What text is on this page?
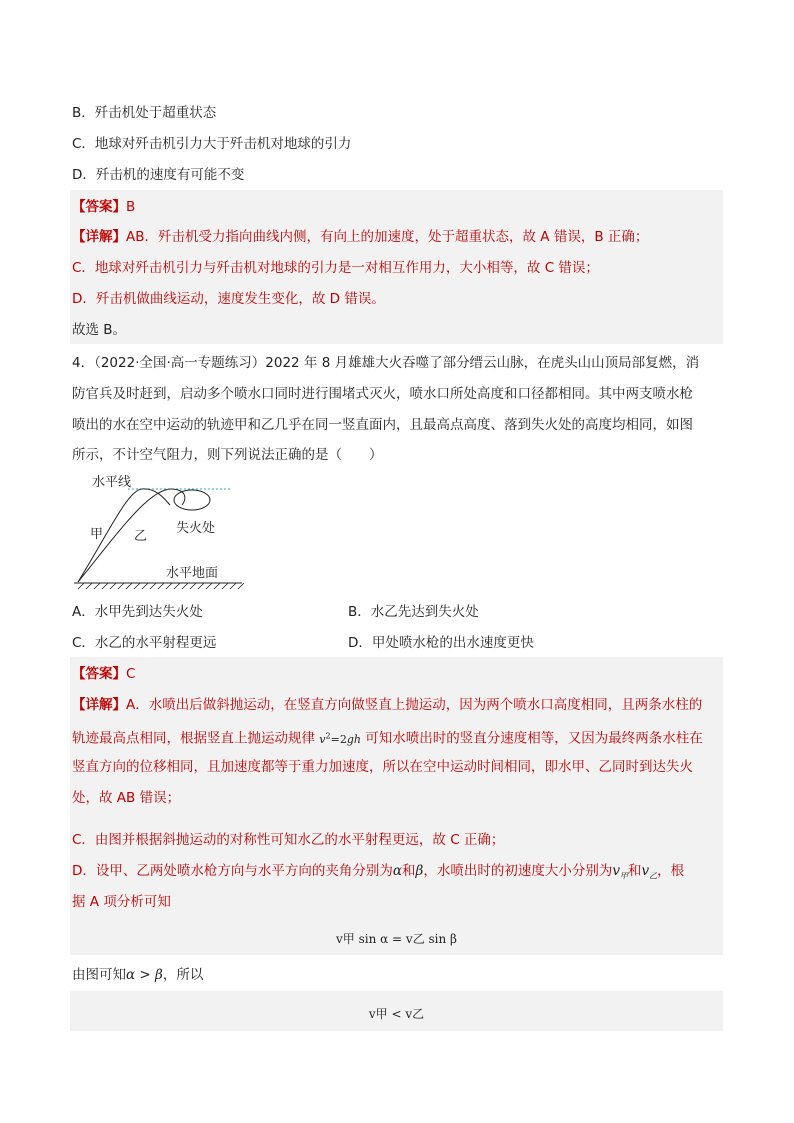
B．歼击机处于超重状态
C．地球对歼击机引力大于歼击机对地球的引力
D．歼击机的速度有可能不变
【答案】B
【详解】AB．歼击机受力指向曲线内侧，有向上的加速度，处于超重状态，故 A 错误，B 正确；
C．地球对歼击机引力与歼击机对地球的引力是一对相互作用力，大小相等，故 C 错误；
D．歼击机做曲线运动，速度发生变化，故 D 错误。
故选 B。
4．（2022·全国·高一专题练习）2022 年 8 月雄雄大火吞噬了部分缙云山脉，在虎头山山顶局部复燃，消
防官兵及时赶到，启动多个喷水口同时进行围堵式灭火，喷水口所处高度和口径都相同。其中两支喷水枪
喷出的水在空中运动的轨迹甲和乙几乎在同一竖直面内，且最高点高度、落到失火处的高度均相同，如图
所示，不计空气阻力，则下列说法正确的是（　　）
水平线
甲 乙
失火处
水平地面
A．水甲先到达失火处	B．水乙先达到失火处
C．水乙的水平射程更远	D．甲处喷水枪的出水速度更快
【答案】C
【详解】A．水喷出后做斜抛运动，在竖直方向做竖直上抛运动，因为两个喷水口高度相同，且两条水柱的
轨迹最高点相同，根据竖直上抛运动规律 $v^2=2gh$ 可知水喷出时的竖直分速度相等，又因为最终两条水柱在
竖直方向的位移相同，且加速度都等于重力加速度，所以在空中运动时间相同，即水甲、乙同时到达失火
处，故 AB 错误；
C．由图并根据斜抛运动的对称性可知水乙的水平射程更远，故 C 正确；
D．设甲、乙两处喷水枪方向与水平方向的夹角分别为α和β，水喷出时的初速度大小分别为$v_甲$和$v_乙$，根
据 A 项分析可知
v甲 sin α = v乙 sin β
由图可知α > β，所以
v甲 < v乙
